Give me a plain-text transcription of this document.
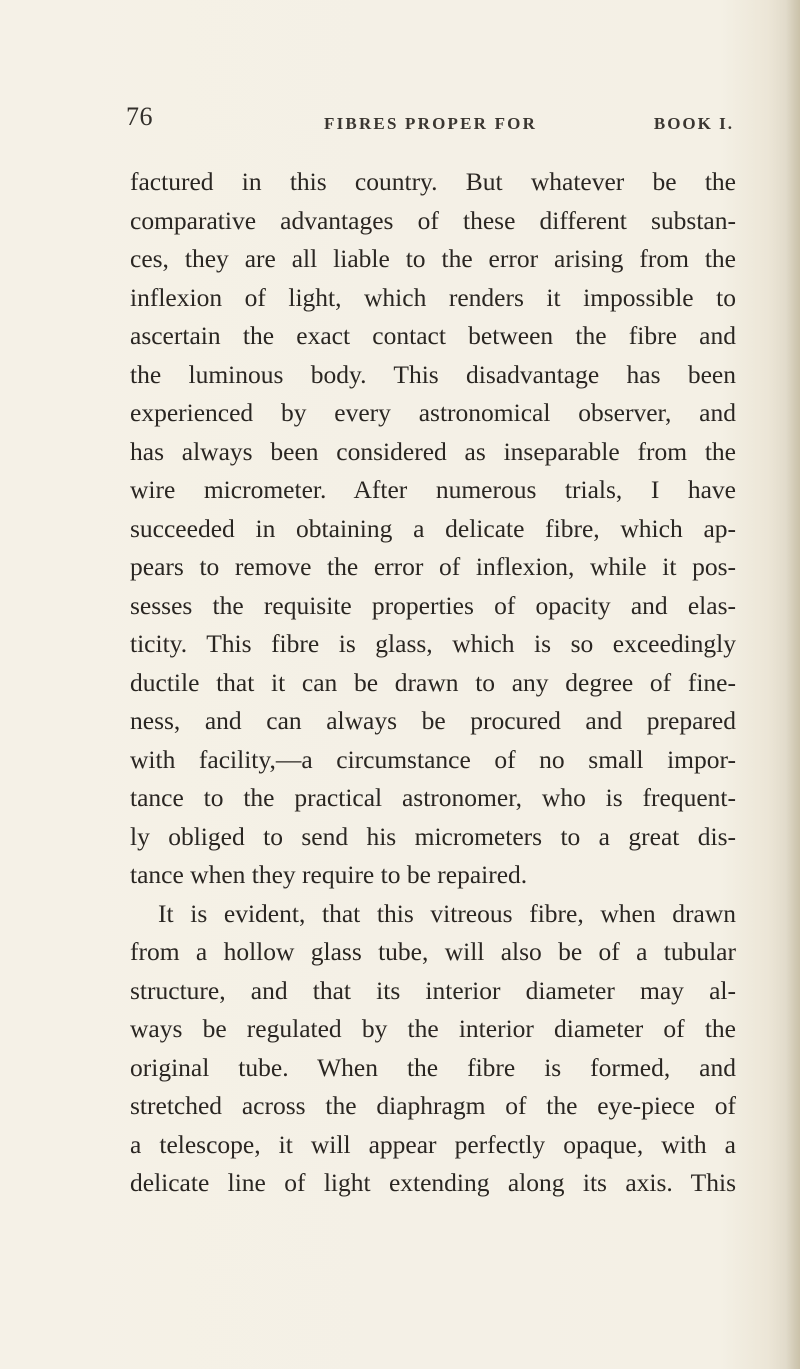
76	FIBRES PROPER FOR	BOOK I.
factured in this country. But whatever be the
comparative advantages of these different substan-
ces, they are all liable to the error arising from the
inflexion of light, which renders it impossible to
ascertain the exact contact between the fibre and
the luminous body. This disadvantage has been
experienced by every astronomical observer, and
has always been considered as inseparable from the
wire micrometer. After numerous trials, I have
succeeded in obtaining a delicate fibre, which ap-
pears to remove the error of inflexion, while it pos-
sesses the requisite properties of opacity and elas-
ticity. This fibre is glass, which is so exceedingly
ductile that it can be drawn to any degree of fine-
ness, and can always be procured and prepared
with facility,—a circumstance of no small impor-
tance to the practical astronomer, who is frequent-
ly obliged to send his micrometers to a great dis-
tance when they require to be repaired.
It is evident, that this vitreous fibre, when drawn
from a hollow glass tube, will also be of a tubular
structure, and that its interior diameter may al-
ways be regulated by the interior diameter of the
original tube. When the fibre is formed, and
stretched across the diaphragm of the eye-piece of
a telescope, it will appear perfectly opaque, with a
delicate line of light extending along its axis. This
